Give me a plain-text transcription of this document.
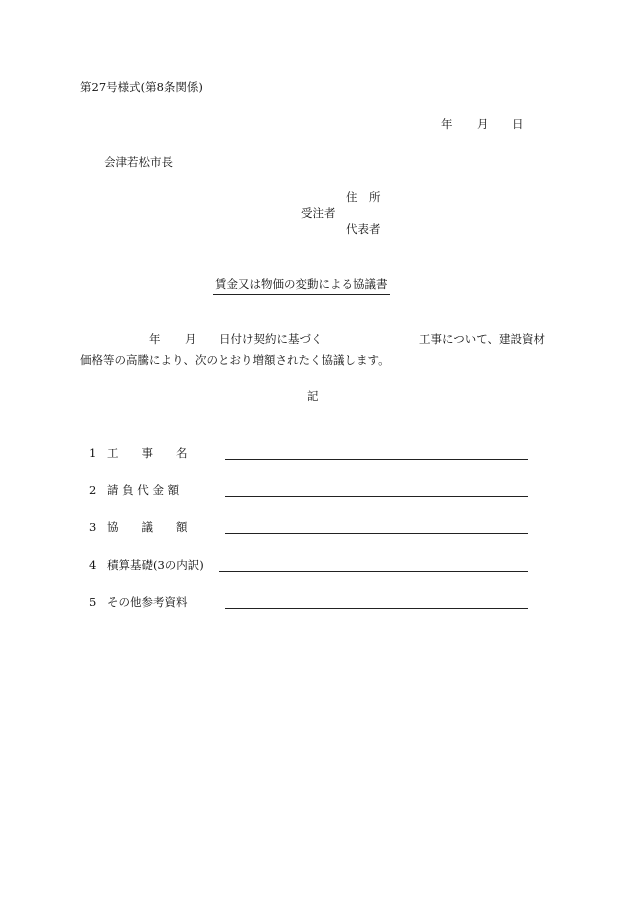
第27号様式(第8条関係)
年 月 日
会津若松市長
住　所
受注者
代表者
賃金又は物価の変動による協議書
年 月 日付け契約に基づく	工事について、建設資材
価格等の高騰により、次のとおり増額されたく協議します。
記
1 工　　事　　名
2 請 負 代 金 額
3 協　　議　　額
4 積算基礎(3の内訳)
5 その他参考資料
